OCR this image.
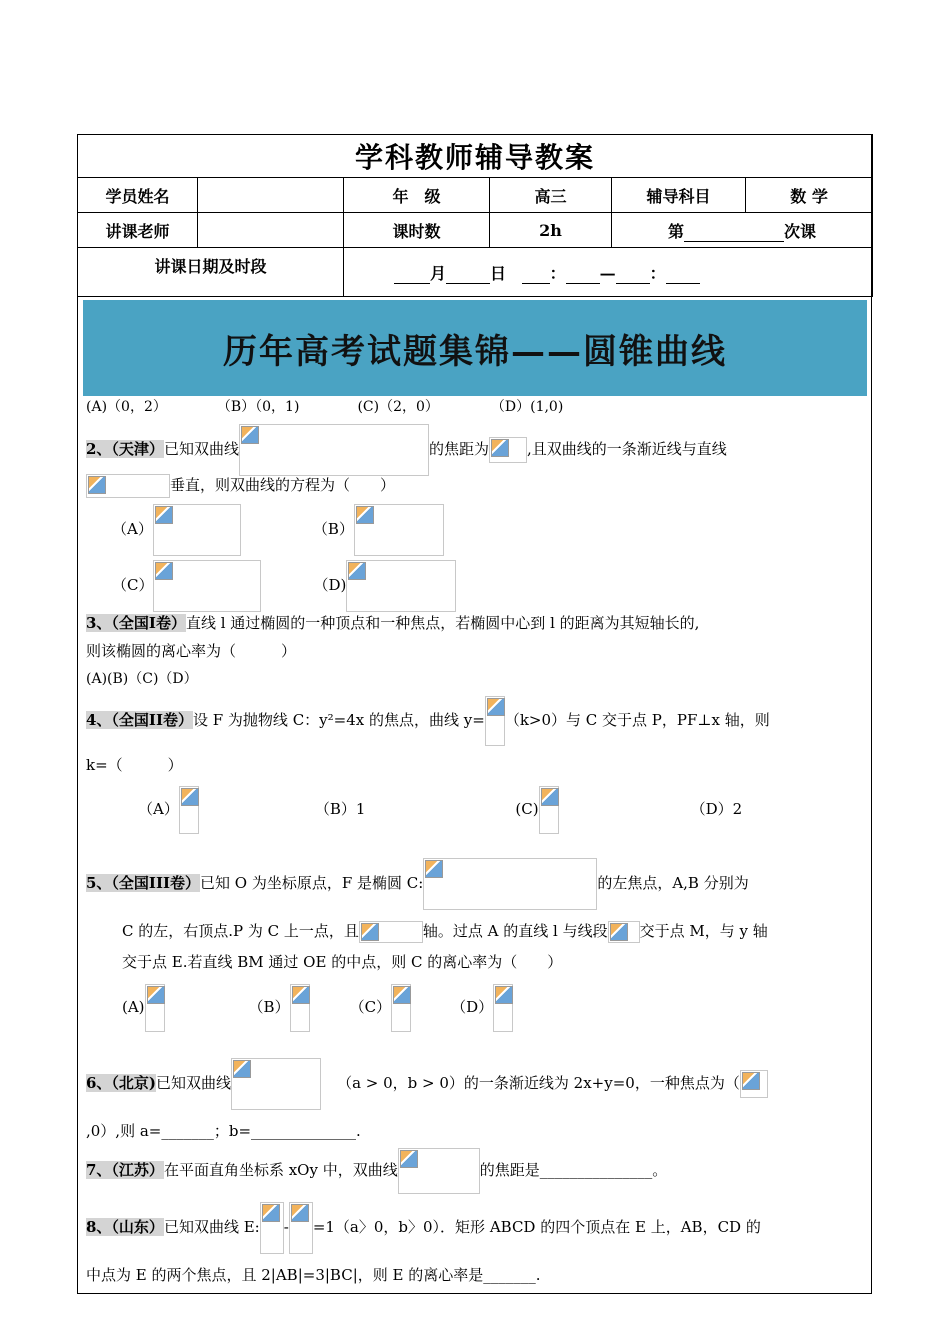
学科教师辅导教案					
学员姓名		年　级	高三	辅导科目	数 学
讲课老师		课时数	2h	第 次课	
讲课日期及时段		月 日 ： — ：			
历年高考试题集锦——圆锥曲线
(A)（0，2）	（B）（0，1)	(C)（2，0）	（D）(1,0)
2、（天津）已知双曲线	的焦距为	,且双曲线的一条渐近线与直线
垂直，则双曲线的方程为（　　）
（A）	（B）
（C）	（D)
3、（全国Ⅰ卷）直线 l 通过椭圆的一种顶点和一种焦点，若椭圆中心到 l 的距离为其短轴长的,
则该椭圆的离心率为（　　　）
(A)(B)（C)（D）
4、（全国II卷）设 F 为抛物线 C：y²=4x 的焦点，曲线 y= （k>0）与 C 交于点 P，PF⊥x 轴，则
k=（　　　）
（A）	（B）1	(C)	（D）2
5、（全国III卷）已知 O 为坐标原点，F 是椭圆 C:	的左焦点，A,B 分别为
C 的左，右顶点.P 为 C 上一点，且	轴。过点 A 的直线 l 与线段 交于点 M，与 y 轴
交于点 E.若直线 BM 通过 OE 的中点，则 C 的离心率为（　　）
(A)	（B）	（C）	（D）
6、（北京)已知双曲线	（a > 0，b > 0）的一条渐近线为 2x+y=0，一种焦点为（
,0）,则 a=_______；b=______________.
7、（江苏）在平面直角坐标系 xOy 中，双曲线	的焦距是_______________。
8、（山东）已知双曲线 E: - =1（a〉0，b〉0）．矩形 ABCD 的四个顶点在 E 上，AB，CD 的
中点为 E 的两个焦点，且 2|AB|=3|BC|，则 E 的离心率是_______.
